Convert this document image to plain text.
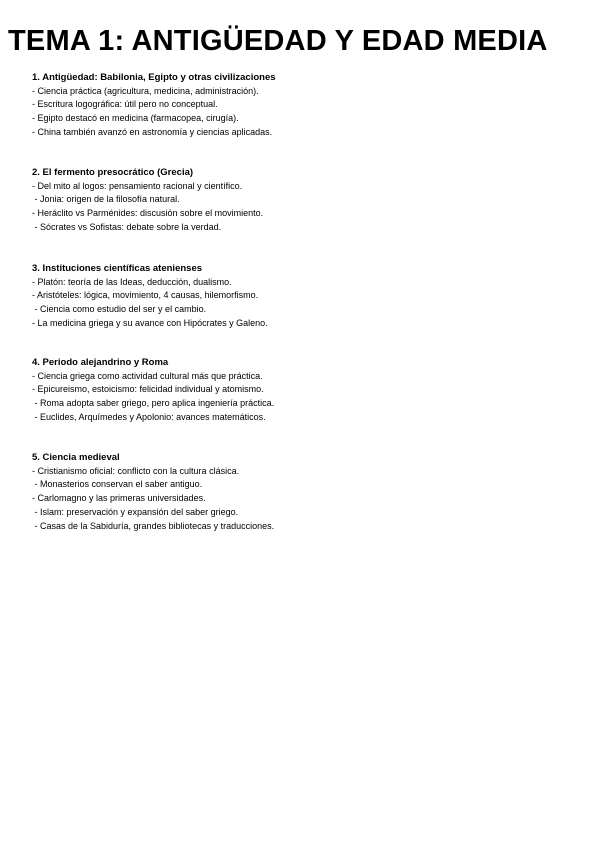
TEMA 1: ANTIGÜEDAD Y EDAD MEDIA
1. Antigüedad: Babilonia, Egipto y otras civilizaciones
- Ciencia práctica (agricultura, medicina, administración).
- Escritura logográfica: útil pero no conceptual.
- Egipto destacó en medicina (farmacopea, cirugía).
- China también avanzó en astronomía y ciencias aplicadas.
2. El fermento presocrático (Grecia)
- Del mito al logos: pensamiento racional y científico.
- Jonia: origen de la filosofía natural.
- Heráclito vs Parménides: discusión sobre el movimiento.
- Sócrates vs Sofistas: debate sobre la verdad.
3. Instituciones científicas atenienses
- Platón: teoría de las Ideas, deducción, dualismo.
- Aristóteles: lógica, movimiento, 4 causas, hilemorfismo.
- Ciencia como estudio del ser y el cambio.
- La medicina griega y su avance con Hipócrates y Galeno.
4. Periodo alejandrino y Roma
- Ciencia griega como actividad cultural más que práctica.
- Epicureismo, estoicismo: felicidad individual y atomismo.
- Roma adopta saber griego, pero aplica ingeniería práctica.
- Euclides, Arquímedes y Apolonio: avances matemáticos.
5. Ciencia medieval
- Cristianismo oficial: conflicto con la cultura clásica.
- Monasterios conservan el saber antiguo.
- Carlomagno y las primeras universidades.
- Islam: preservación y expansión del saber griego.
- Casas de la Sabiduría, grandes bibliotecas y traducciones.
